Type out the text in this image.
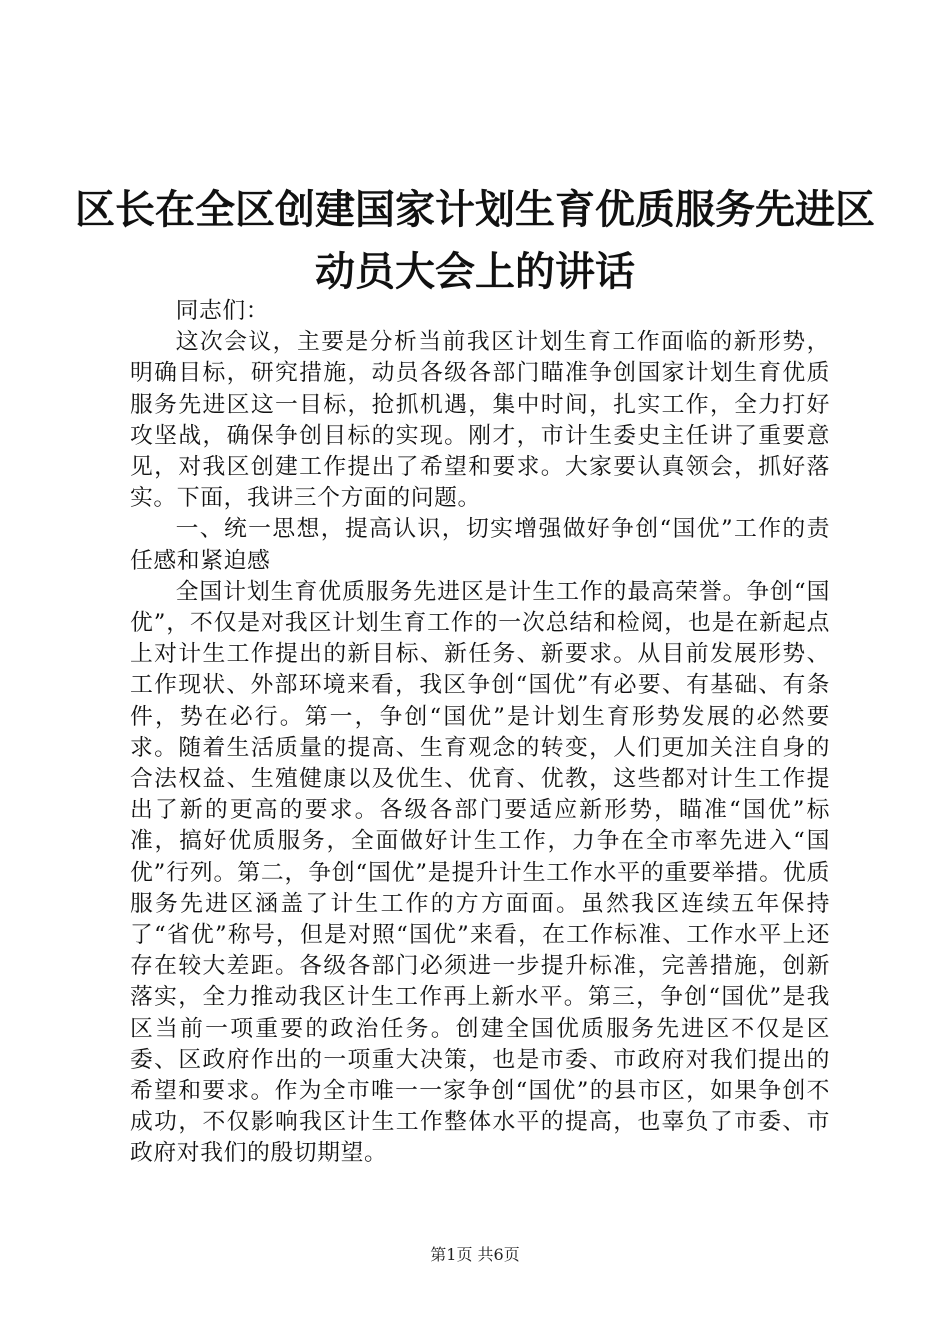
区长在全区创建国家计划生育优质服务先进区
动员大会上的讲话

同志们：

这次会议，主要是分析当前我区计划生育工作面临的新形势，明确目标，研究措施，动员各级各部门瞄准争创国家计划生育优质服务先进区这一目标，抢抓机遇，集中时间，扎实工作，全力打好攻坚战，确保争创目标的实现。刚才，市计生委史主任讲了重要意见，对我区创建工作提出了希望和要求。大家要认真领会，抓好落实。下面，我讲三个方面的问题。

一、统一思想，提高认识，切实增强做好争创“国优”工作的责任感和紧迫感

全国计划生育优质服务先进区是计生工作的最高荣誉。争创“国优”，不仅是对我区计划生育工作的一次总结和检阅，也是在新起点上对计生工作提出的新目标、新任务、新要求。从目前发展形势、工作现状、外部环境来看，我区争创“国优”有必要、有基础、有条件，势在必行。第一，争创“国优”是计划生育形势发展的必然要求。随着生活质量的提高、生育观念的转变，人们更加关注自身的合法权益、生殖健康以及优生、优育、优教，这些都对计生工作提出了新的更高的要求。各级各部门要适应新形势，瞄准“国优”标准，搞好优质服务，全面做好计生工作，力争在全市率先进入“国优”行列。第二，争创“国优”是提升计生工作水平的重要举措。优质服务先进区涵盖了计生工作的方方面面。虽然我区连续五年保持了“省优”称号，但是对照“国优”来看，在工作标准、工作水平上还存在较大差距。各级各部门必须进一步提升标准，完善措施，创新落实，全力推动我区计生工作再上新水平。第三，争创“国优”是我区当前一项重要的政治任务。创建全国优质服务先进区不仅是区委、区政府作出的一项重大决策，也是市委、市政府对我们提出的希望和要求。作为全市唯一一家争创“国优”的县市区，如果争创不成功，不仅影响我区计生工作整体水平的提高，也辜负了市委、市政府对我们的殷切期望。

第1页 共6页
